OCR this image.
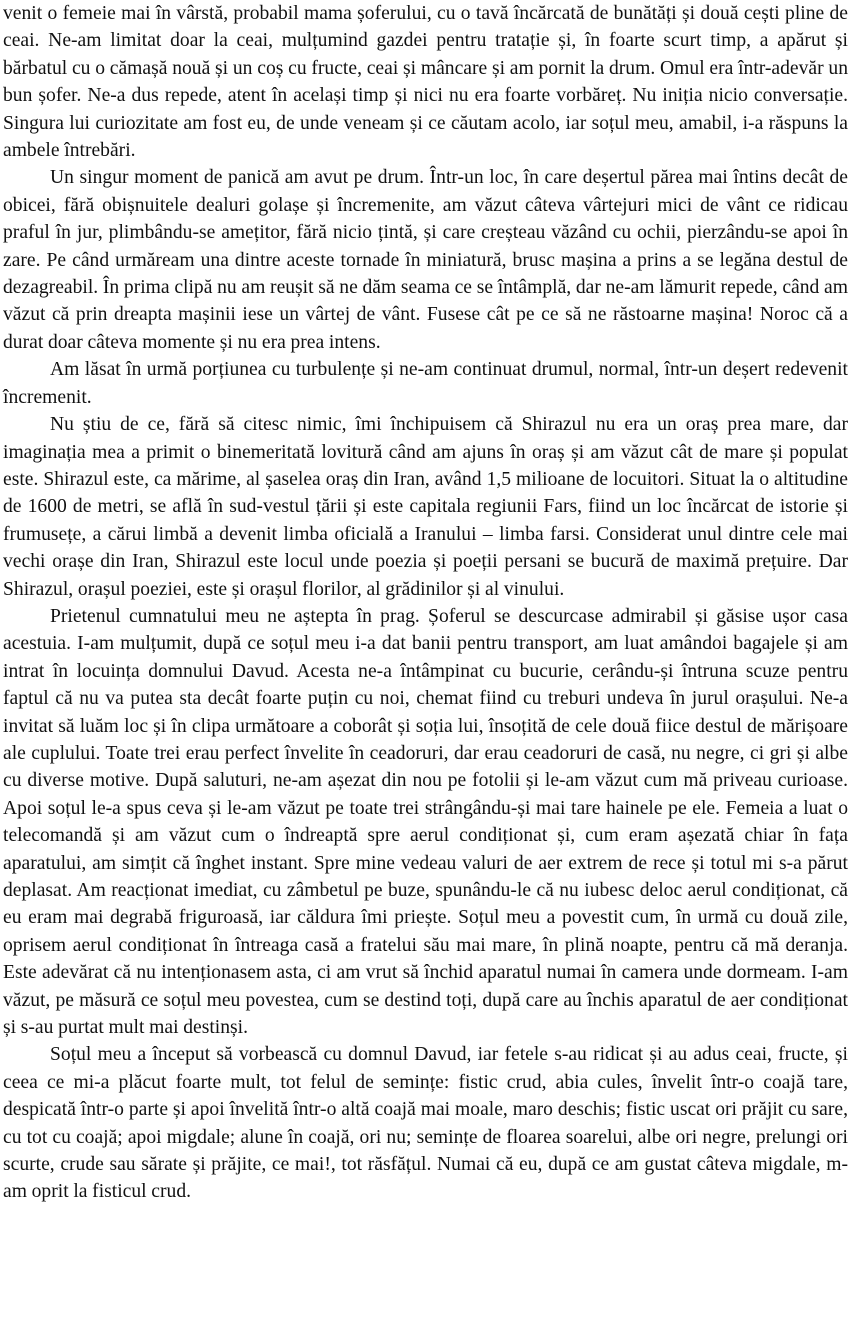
venit o femeie mai în vârstă, probabil mama șoferului, cu o tavă încărcată de bunătăți și două cești pline de ceai. Ne-am limitat doar la ceai, mulțumind gazdei pentru tratație și, în foarte scurt timp, a apărut și bărbatul cu o cămașă nouă și un coș cu fructe, ceai și mâncare și am pornit la drum. Omul era într-adevăr un bun șofer. Ne-a dus repede, atent în același timp și nici nu era foarte vorbăreț. Nu iniția nicio conversație. Singura lui curiozitate am fost eu, de unde veneam și ce căutam acolo, iar soțul meu, amabil, i-a răspuns la ambele întrebări.

Un singur moment de panică am avut pe drum. Într-un loc, în care deșertul părea mai întins decât de obicei, fără obișnuitele dealuri golașe și încremenite, am văzut câteva vârtejuri mici de vânt ce ridicau praful în jur, plimbându-se amețitor, fără nicio țintă, și care creșteau văzând cu ochii, pierzându-se apoi în zare. Pe când urmăream una dintre aceste tornade în miniatură, brusc mașina a prins a se legăna destul de dezagreabil. În prima clipă nu am reușit să ne dăm seama ce se întâmplă, dar ne-am lămurit repede, când am văzut că prin dreapta mașinii iese un vârtej de vânt. Fusese cât pe ce să ne răstoarne mașina! Noroc că a durat doar câteva momente și nu era prea intens.

Am lăsat în urmă porțiunea cu turbulențe și ne-am continuat drumul, normal, într-un deșert redevenit încremenit.

Nu știu de ce, fără să citesc nimic, îmi închipuisem că Shirazul nu era un oraș prea mare, dar imaginația mea a primit o binemeritată lovitură când am ajuns în oraș și am văzut cât de mare și populat este. Shirazul este, ca mărime, al șaselea oraș din Iran, având 1,5 milioane de locuitori. Situat la o altitudine de 1600 de metri, se află în sud-vestul țării și este capitala regiunii Fars, fiind un loc încărcat de istorie și frumusețe, a cărui limbă a devenit limba oficială a Iranului – limba farsi. Considerat unul dintre cele mai vechi orașe din Iran, Shirazul este locul unde poezia și poeții persani se bucură de maximă prețuire. Dar Shirazul, orașul poeziei, este și orașul florilor, al grădinilor și al vinului.

Prietenul cumnatului meu ne aștepta în prag. Șoferul se descurcase admirabil și găsise ușor casa acestuia. I-am mulțumit, după ce soțul meu i-a dat banii pentru transport, am luat amândoi bagajele și am intrat în locuința domnului Davud. Acesta ne-a întâmpinat cu bucurie, cerându-și întruna scuze pentru faptul că nu va putea sta decât foarte puțin cu noi, chemat fiind cu treburi undeva în jurul orașului. Ne-a invitat să luăm loc și în clipa următoare a coborât și soția lui, însoțită de cele două fiice destul de mărișoare ale cuplului. Toate trei erau perfect învelite în ceadoruri, dar erau ceadoruri de casă, nu negre, ci gri și albe cu diverse motive. După saluturi, ne-am așezat din nou pe fotolii și le-am văzut cum mă priveau curioase. Apoi soțul le-a spus ceva și le-am văzut pe toate trei strângându-și mai tare hainele pe ele. Femeia a luat o telecomandă și am văzut cum o îndreaptă spre aerul condiționat și, cum eram așezată chiar în fața aparatului, am simțit că înghet instant. Spre mine vedeau valuri de aer extrem de rece și totul mi s-a părut deplasat. Am reacționat imediat, cu zâmbetul pe buze, spunându-le că nu iubesc deloc aerul condiționat, că eu eram mai degrabă friguroasă, iar căldura îmi priește. Soțul meu a povestit cum, în urmă cu două zile, oprisem aerul condiționat în întreaga casă a fratelui său mai mare, în plină noapte, pentru că mă deranja. Este adevărat că nu intenționasem asta, ci am vrut să închid aparatul numai în camera unde dormeam. I-am văzut, pe măsură ce soțul meu povestea, cum se destind toți, după care au închis aparatul de aer condiționat și s-au purtat mult mai destinși.

Soțul meu a început să vorbească cu domnul Davud, iar fetele s-au ridicat și au adus ceai, fructe, și ceea ce mi-a plăcut foarte mult, tot felul de semințe: fistic crud, abia cules, învelit într-o coajă tare, despicată într-o parte și apoi învelită într-o altă coajă mai moale, maro deschis; fistic uscat ori prăjit cu sare, cu tot cu coajă; apoi migdale; alune în coajă, ori nu; semințe de floarea soarelui, albe ori negre, prelungi ori scurte, crude sau sărate și prăjite, ce mai!, tot răsfățul. Numai că eu, după ce am gustat câteva migdale, m-am oprit la fisticul crud.
